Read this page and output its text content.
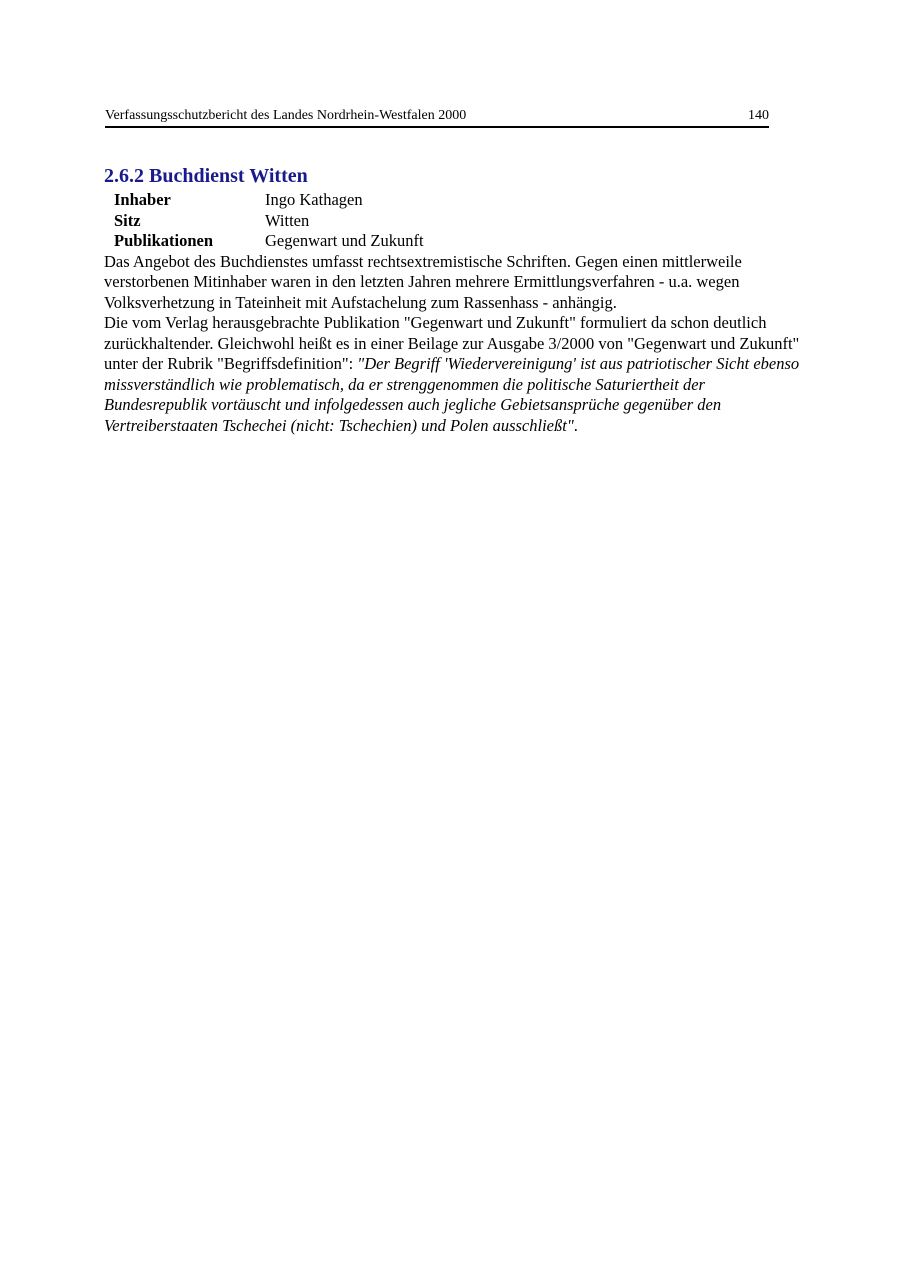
Verfassungsschutzbericht des Landes Nordrhein-Westfalen 2000	140
2.6.2 Buchdienst Witten
Inhaber	Ingo Kathagen
Sitz	Witten
Publikationen	Gegenwart und Zukunft

Das Angebot des Buchdienstes umfasst rechtsextremistische Schriften. Gegen einen mittlerweile verstorbenen Mitinhaber waren in den letzten Jahren mehrere Ermittlungsverfahren - u.a. wegen Volksverhetzung in Tateinheit mit Aufstachelung zum Rassenhass - anhängig.

Die vom Verlag herausgebrachte Publikation "Gegenwart und Zukunft" formuliert da schon deutlich zurückhaltender. Gleichwohl heißt es in einer Beilage zur Ausgabe 3/2000 von "Gegenwart und Zukunft" unter der Rubrik "Begriffsdefinition": "Der Begriff 'Wiedervereinigung' ist aus patriotischer Sicht ebenso missverständlich wie problematisch, da er strenggenommen die politische Saturiertheit der Bundesrepublik vortäuscht und infolgedessen auch jegliche Gebietsansprüche gegenüber den Vertreiberstaaten Tschechei (nicht: Tschechien) und Polen ausschließt".
